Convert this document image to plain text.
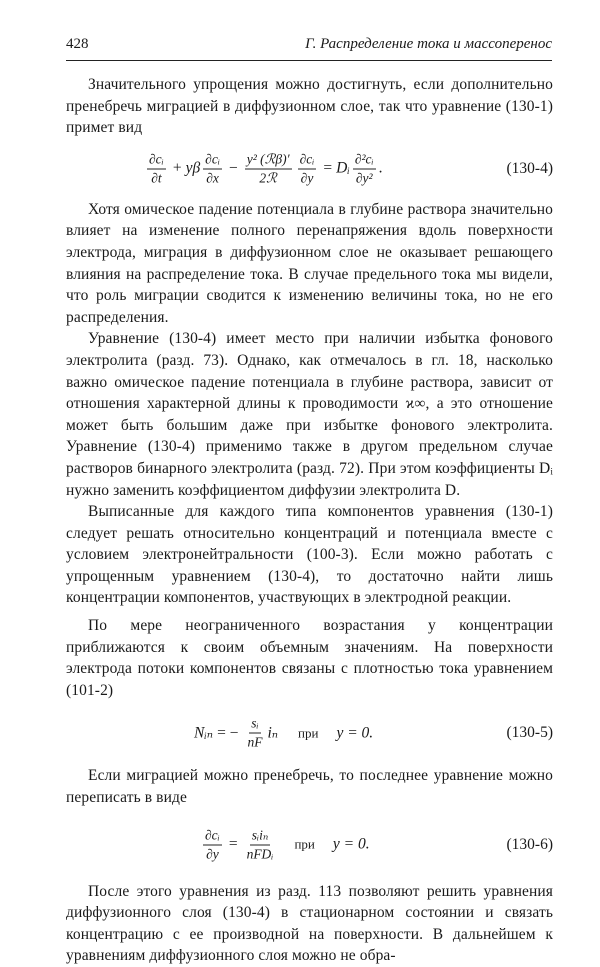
428	Г. Распределение тока и массоперенос

Значительного упрощения можно достигнуть, если дополнительно пренебречь миграцией в диффузионном слое, так что уравнение (130-1) примет вид

$\frac{\text{∂cᵢ}}{\partial t} + y\beta \frac{\text{∂cᵢ}}{\partial x} - \frac{\text{y² (ℛβ)′}}{\text{2ℛ}} \frac{\text{∂cᵢ}}{\partial y}$ = Dᵢ $\frac{\text{∂²cᵢ}}{\text{∂y²}}$ .	(130-4)

Хотя омическое падение потенциала в глубине раствора значительно влияет на изменение полного перенапряжения вдоль поверхности электрода, миграция в диффузионном слое не оказывает решающего влияния на распределение тока. В случае предельного тока мы видели, что роль миграции сводится к изменению величины тока, но не его распределения.

Уравнение (130-4) имеет место при наличии избытка фонового электролита (разд. 73). Однако, как отмечалось в гл. 18, насколько важно омическое падение потенциала в глубине раствора, зависит от отношения характерной длины к проводимости ϰ∞, а это отношение может быть большим даже при избытке фонового электролита. Уравнение (130-4) применимо также в другом предельном случае растворов бинарного электролита (разд. 72). При этом коэффициенты Dᵢ нужно заменить коэффициентом диффузии электролита D.

Выписанные для каждого типа компонентов уравнения (130-1) следует решать относительно концентраций и потенциала вместе с условием электронейтральности (100-3). Если можно работать с упрощенным уравнением (130-4), то достаточно найти лишь концентрации компонентов, участвующих в электродной реакции.

По мере неограниченного возрастания y концентрации приближаются к своим объемным значениям. На поверхности электрода потоки компонентов связаны с плотностью тока уравнением (101-2)

Nᵢₙ = − $\frac{\text{sᵢ}}{nF}$ iₙ при y = 0.	(130-5)

Если миграцией можно пренебречь, то последнее уравнение можно переписать в виде

$\frac{\text{∂cᵢ}}{\partial y} = \frac{\text{sᵢiₙ}}{\text{nFDᵢ}}$ при y = 0.	(130-6)

После этого уравнения из разд. 113 позволяют решить уравнения диффузионного слоя (130-4) в стационарном состоянии и связать концентрацию с ее производной на поверхности. В дальнейшем к уравнениям диффузионного слоя можно не обра-
